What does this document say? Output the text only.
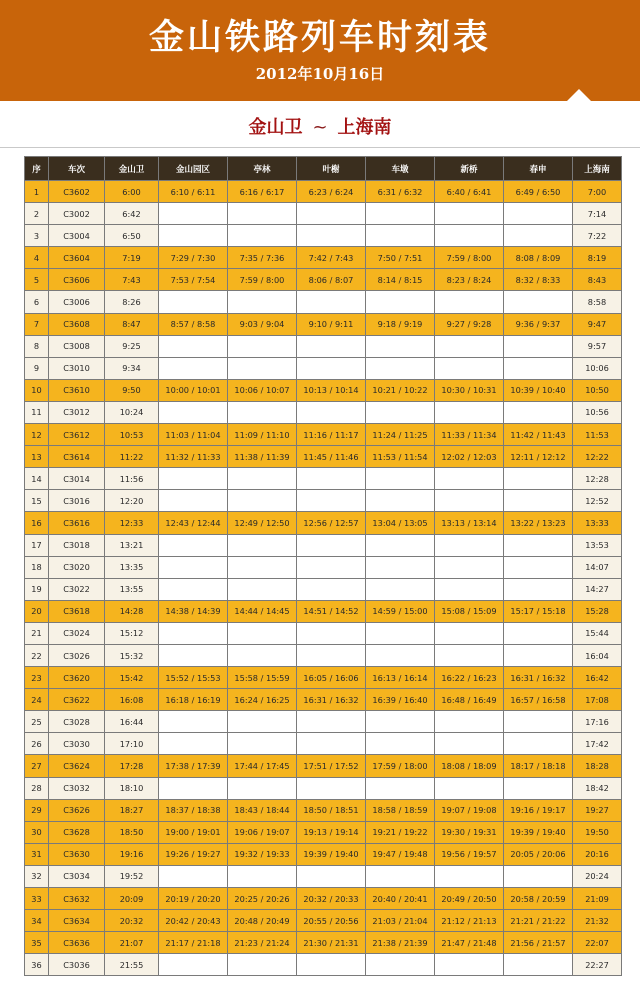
金山铁路列车时刻表
2012年10月16日
金山卫 ~ 上海南
序	车次	金山卫	金山园区	亭林	叶榭	车墩	新桥	春申	上海南
1	C3602	6:00	6:10 / 6:11	6:16 / 6:17	6:23 / 6:24	6:31 / 6:32	6:40 / 6:41	6:49 / 6:50	7:00
2	C3002	6:42							7:14
3	C3004	6:50							7:22
4	C3604	7:19	7:29 / 7:30	7:35 / 7:36	7:42 / 7:43	7:50 / 7:51	7:59 / 8:00	8:08 / 8:09	8:19
5	C3606	7:43	7:53 / 7:54	7:59 / 8:00	8:06 / 8:07	8:14 / 8:15	8:23 / 8:24	8:32 / 8:33	8:43
6	C3006	8:26							8:58
7	C3608	8:47	8:57 / 8:58	9:03 / 9:04	9:10 / 9:11	9:18 / 9:19	9:27 / 9:28	9:36 / 9:37	9:47
8	C3008	9:25							9:57
9	C3010	9:34							10:06
10	C3610	9:50	10:00 / 10:01	10:06 / 10:07	10:13 / 10:14	10:21 / 10:22	10:30 / 10:31	10:39 / 10:40	10:50
11	C3012	10:24							10:56
12	C3612	10:53	11:03 / 11:04	11:09 / 11:10	11:16 / 11:17	11:24 / 11:25	11:33 / 11:34	11:42 / 11:43	11:53
13	C3614	11:22	11:32 / 11:33	11:38 / 11:39	11:45 / 11:46	11:53 / 11:54	12:02 / 12:03	12:11 / 12:12	12:22
14	C3014	11:56							12:28
15	C3016	12:20							12:52
16	C3616	12:33	12:43 / 12:44	12:49 / 12:50	12:56 / 12:57	13:04 / 13:05	13:13 / 13:14	13:22 / 13:23	13:33
17	C3018	13:21							13:53
18	C3020	13:35							14:07
19	C3022	13:55							14:27
20	C3618	14:28	14:38 / 14:39	14:44 / 14:45	14:51 / 14:52	14:59 / 15:00	15:08 / 15:09	15:17 / 15:18	15:28
21	C3024	15:12							15:44
22	C3026	15:32							16:04
23	C3620	15:42	15:52 / 15:53	15:58 / 15:59	16:05 / 16:06	16:13 / 16:14	16:22 / 16:23	16:31 / 16:32	16:42
24	C3622	16:08	16:18 / 16:19	16:24 / 16:25	16:31 / 16:32	16:39 / 16:40	16:48 / 16:49	16:57 / 16:58	17:08
25	C3028	16:44							17:16
26	C3030	17:10							17:42
27	C3624	17:28	17:38 / 17:39	17:44 / 17:45	17:51 / 17:52	17:59 / 18:00	18:08 / 18:09	18:17 / 18:18	18:28
28	C3032	18:10							18:42
29	C3626	18:27	18:37 / 18:38	18:43 / 18:44	18:50 / 18:51	18:58 / 18:59	19:07 / 19:08	19:16 / 19:17	19:27
30	C3628	18:50	19:00 / 19:01	19:06 / 19:07	19:13 / 19:14	19:21 / 19:22	19:30 / 19:31	19:39 / 19:40	19:50
31	C3630	19:16	19:26 / 19:27	19:32 / 19:33	19:39 / 19:40	19:47 / 19:48	19:56 / 19:57	20:05 / 20:06	20:16
32	C3034	19:52							20:24
33	C3632	20:09	20:19 / 20:20	20:25 / 20:26	20:32 / 20:33	20:40 / 20:41	20:49 / 20:50	20:58 / 20:59	21:09
34	C3634	20:32	20:42 / 20:43	20:48 / 20:49	20:55 / 20:56	21:03 / 21:04	21:12 / 21:13	21:21 / 21:22	21:32
35	C3636	21:07	21:17 / 21:18	21:23 / 21:24	21:30 / 21:31	21:38 / 21:39	21:47 / 21:48	21:56 / 21:57	22:07
36	C3036	21:55							22:27
